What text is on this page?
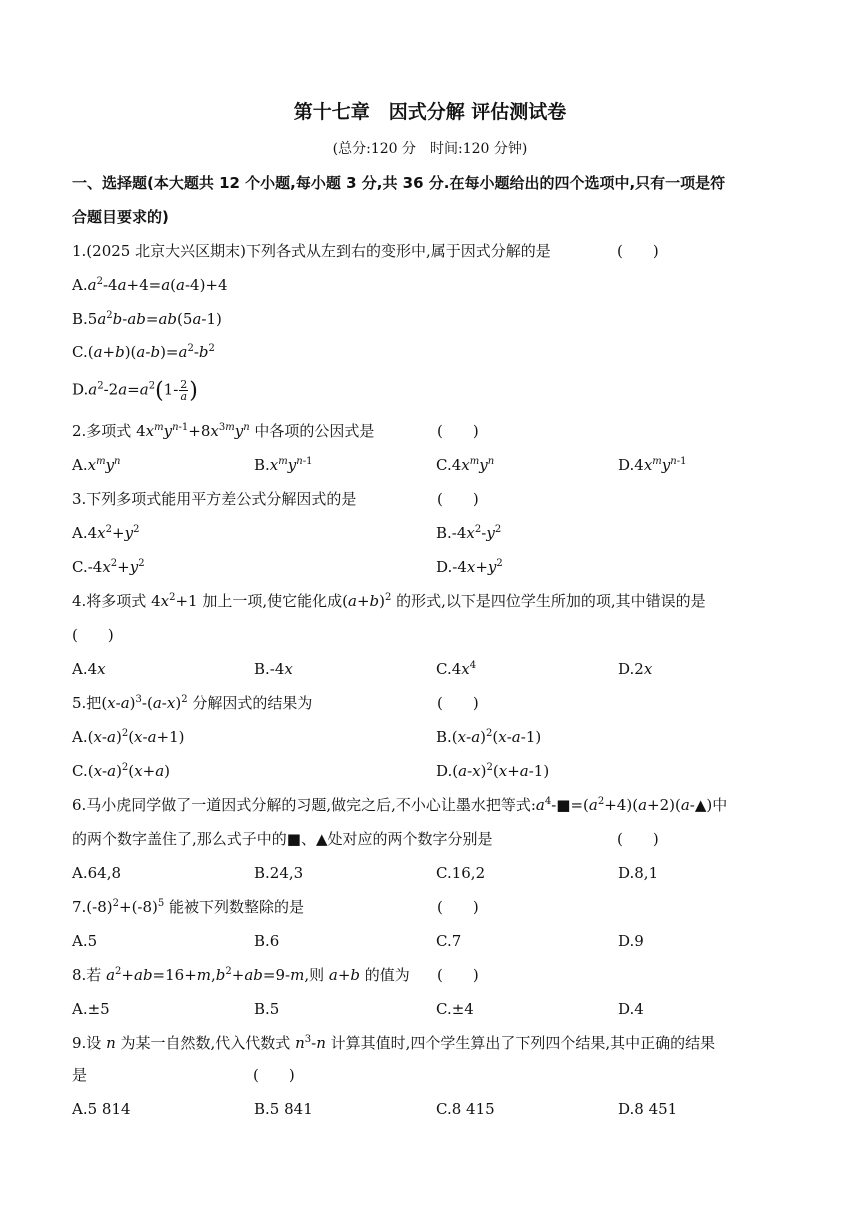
第十七章　因式分解 评估测试卷
(总分:120 分　时间:120 分钟)
一、选择题(本大题共 12 个小题,每小题 3 分,共 36 分.在每小题给出的四个选项中,只有一项是符
合题目要求的)
1.(2025 北京大兴区期末)下列各式从左到右的变形中,属于因式分解的是	(　　)
$A.a^2-4a+4=a(a-4)+4$
$B.5a^2b-ab=ab(5a-1)$
$C.(a+b)(a-b)=a^2-b^2$
$D.a^2-2a=a^2(1- \frac{2}{a}$ )
2.多项式 $4x^my^{n-1}+8x^{3m}y^n$ 中各项的公因式是	(　　)
$A.x^my^n$	$B.x^my^{n-1}$	$C.4x^my^n$	$D.4x^my^{n-1}$
3.下列多项式能用平方差公式分解因式的是	(　　)
$A.4x^2+y^2$	$B.-4x^2-y^2$
$C.-4x^2+y^2$	$D.-4x+y^2$
4.将多项式 $4x^2+1$ 加上一项,使它能化成$(a+b)^2$ 的形式,以下是四位学生所加的项,其中错误的是
(　　)
A.4x	B.-4x	$C.4x^4$	D.2x
5.把$(x-a)^3-(a-x)^2$ 分解因式的结果为	(　　)
$A.(x-a)^2(x-a+1)$	$B.(x-a)^2(x-a-1)$
$C.(x-a)^2(x+a)$	$D.(a-x)^2(x+a-1)$
6.马小虎同学做了一道因式分解的习题,做完之后,不小心让墨水把等式$:a^4-■=(a^2+4)(a+2)(a-▲)$中
的两个数字盖住了,那么式子中的■、▲处对应的两个数字分别是	(　　)
A.64,8	B.24,3	C.16,2	D.8,1
$7.(-8)^2+(-8)^5$ 能被下列数整除的是	(　　)
A.5	B.6	C.7	D.9
8.若 $a^2+ab=16+m,b^2+ab=9-m$,则 a+b 的值为 (　　)
A.±5	B.5	C.±4	D.4
9.设 n 为某一自然数,代入代数式 $n^3-n$ 计算其值时,四个学生算出了下列四个结果,其中正确的结果
是	(　　)
A.5 814	B.5 841	C.8 415	D.8 451
